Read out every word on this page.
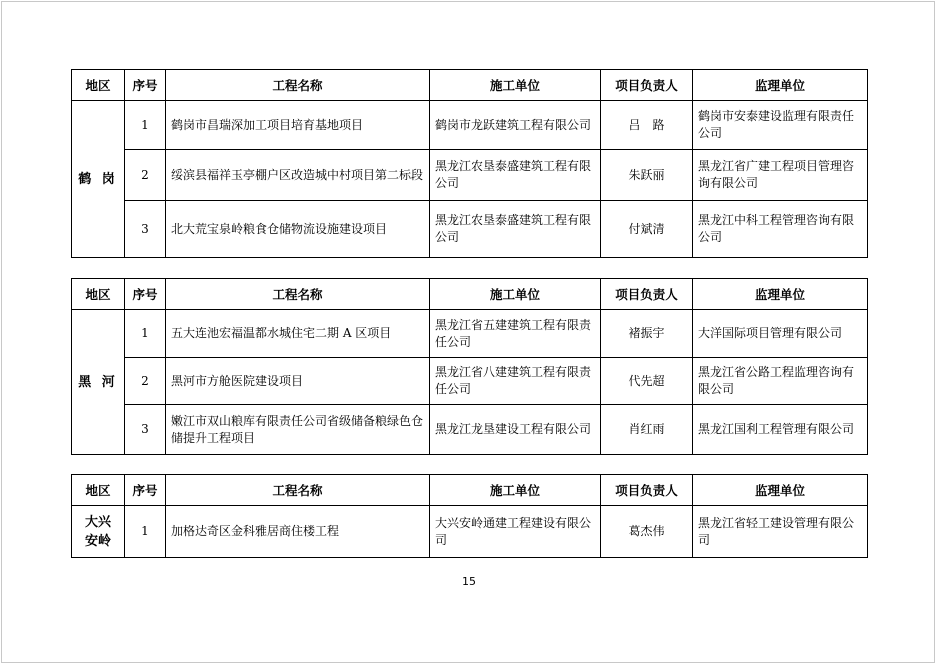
地区	序号	工程名称	施工单位	项目负责人	监理单位
鹤 岗	1	鹤岗市昌瑞深加工项目培育基地项目	鹤岗市龙跃建筑工程有限公司	吕　路	鹤岗市安泰建设监理有限责任公司
	2	绥滨县福祥玉亭棚户区改造城中村项目第二标段	黑龙江农垦泰盛建筑工程有限公司	朱跃丽	黑龙江省广建工程项目管理咨询有限公司
	3	北大荒宝泉岭粮食仓储物流设施建设项目	黑龙江农垦泰盛建筑工程有限公司	付斌清	黑龙江中科工程管理咨询有限公司
地区	序号	工程名称	施工单位	项目负责人	监理单位
黑 河	1	五大连池宏福温都水城住宅二期 A 区项目	黑龙江省五建建筑工程有限责任公司	褚振宇	大洋国际项目管理有限公司
	2	黑河市方舱医院建设项目	黑龙江省八建建筑工程有限责任公司	代先超	黑龙江省公路工程监理咨询有限公司
	3	嫩江市双山粮库有限责任公司省级储备粮绿色仓储提升工程项目	黑龙江龙垦建设工程有限公司	肖红雨	黑龙江国利工程管理有限公司
地区	序号	工程名称	施工单位	项目负责人	监理单位
大兴
安岭	1	加格达奇区金科雅居商住楼工程	大兴安岭通建工程建设有限公司	葛杰伟	黑龙江省轻工建设管理有限公司
15
